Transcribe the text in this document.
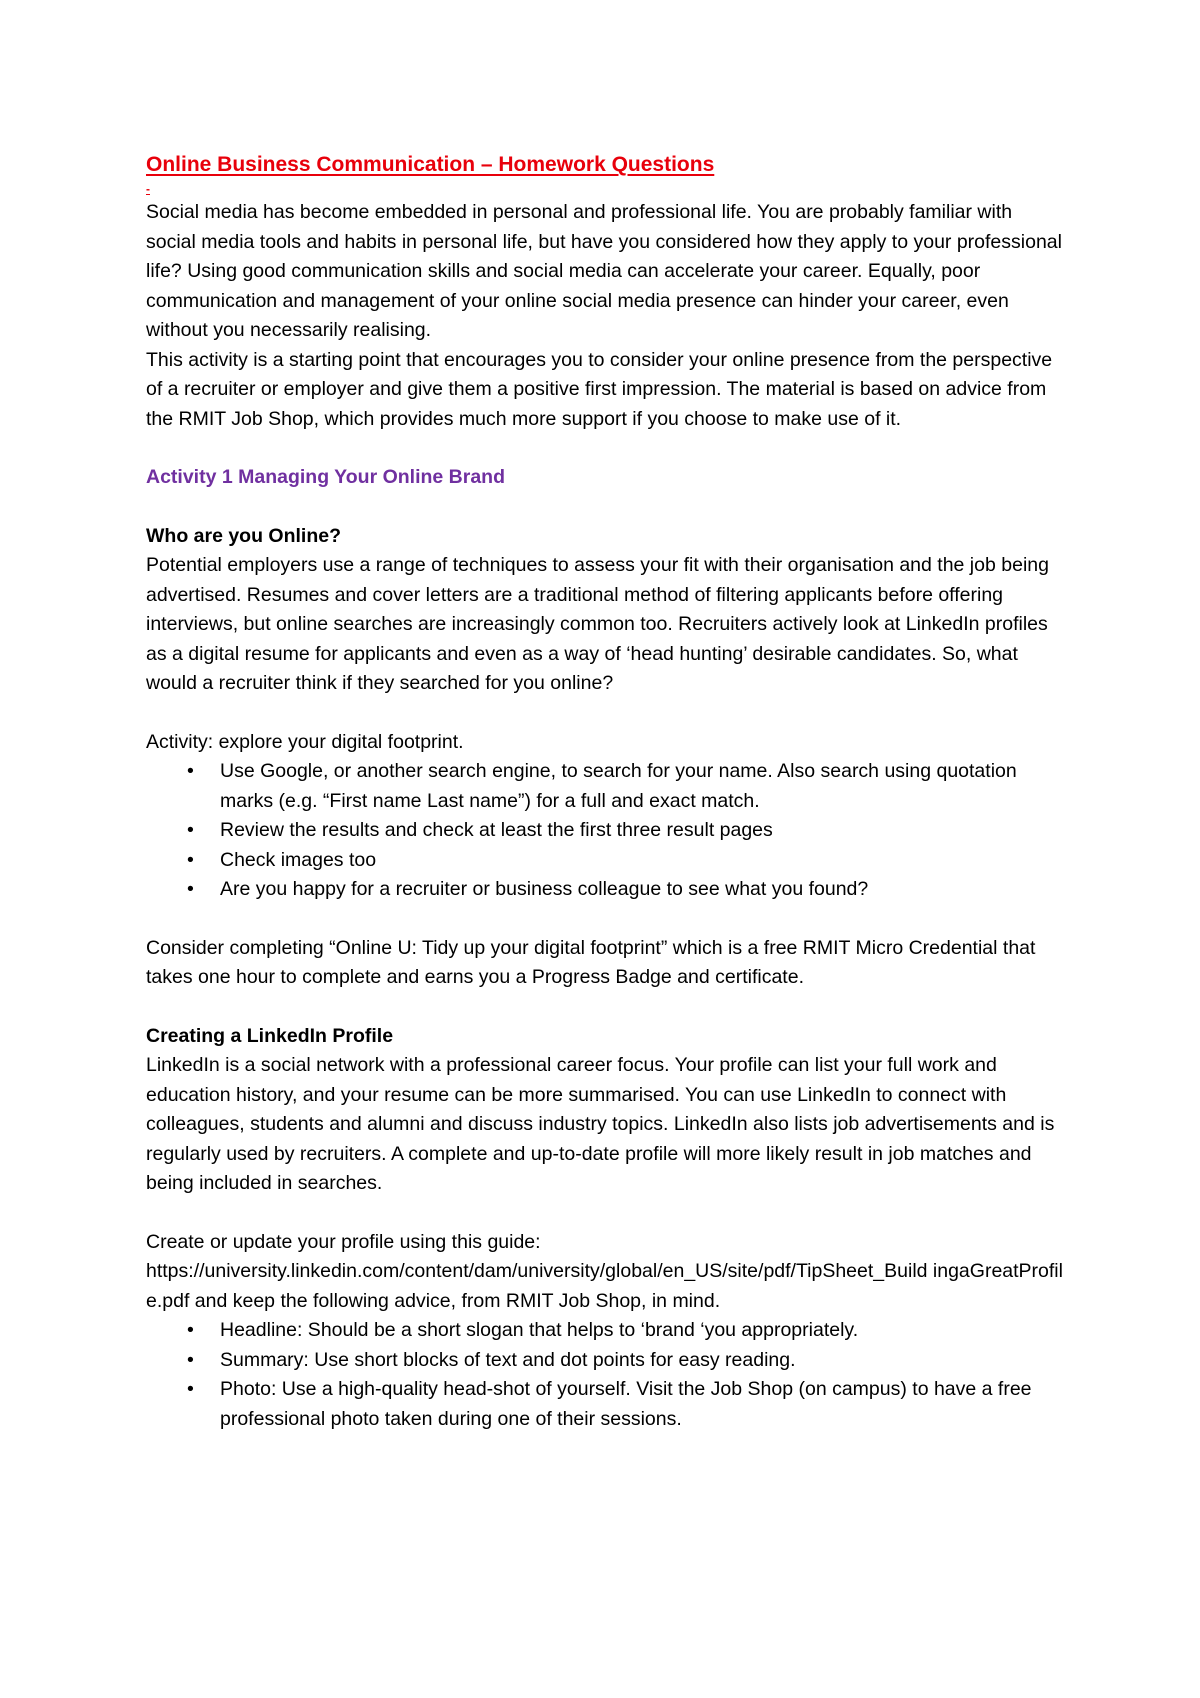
Online Business Communication – Homework Questions
-

Social media has become embedded in personal and professional life. You are probably familiar with social media tools and habits in personal life, but have you considered how they apply to your professional life? Using good communication skills and social media can accelerate your career. Equally, poor communication and management of your online social media presence can hinder your career, even without you necessarily realising.

This activity is a starting point that encourages you to consider your online presence from the perspective of a recruiter or employer and give them a positive first impression. The material is based on advice from the RMIT Job Shop, which provides much more support if you choose to make use of it.

Activity 1 Managing Your Online Brand

Who are you Online?

Potential employers use a range of techniques to assess your fit with their organisation and the job being advertised. Resumes and cover letters are a traditional method of filtering applicants before offering interviews, but online searches are increasingly common too. Recruiters actively look at LinkedIn profiles as a digital resume for applicants and even as a way of ‘head hunting’ desirable candidates. So, what would a recruiter think if they searched for you online?

Activity: explore your digital footprint.

• Use Google, or another search engine, to search for your name. Also search using quotation marks (e.g. “First name Last name”) for a full and exact match.
• Review the results and check at least the first three result pages
• Check images too
• Are you happy for a recruiter or business colleague to see what you found?

Consider completing “Online U: Tidy up your digital footprint” which is a free RMIT Micro Credential that takes one hour to complete and earns you a Progress Badge and certificate.

Creating a LinkedIn Profile

LinkedIn is a social network with a professional career focus. Your profile can list your full work and education history, and your resume can be more summarised. You can use LinkedIn to connect with colleagues, students and alumni and discuss industry topics. LinkedIn also lists job advertisements and is regularly used by recruiters. A complete and up-to-date profile will more likely result in job matches and being included in searches.

Create or update your profile using this guide:

https://university.linkedin.com/content/dam/university/global/en_US/site/pdf/TipSheet_Build ingaGreatProfile.pdf and keep the following advice, from RMIT Job Shop, in mind.

• Headline: Should be a short slogan that helps to ‘brand ‘you appropriately.
• Summary: Use short blocks of text and dot points for easy reading.
• Photo: Use a high-quality head-shot of yourself. Visit the Job Shop (on campus) to have a free professional photo taken during one of their sessions.
